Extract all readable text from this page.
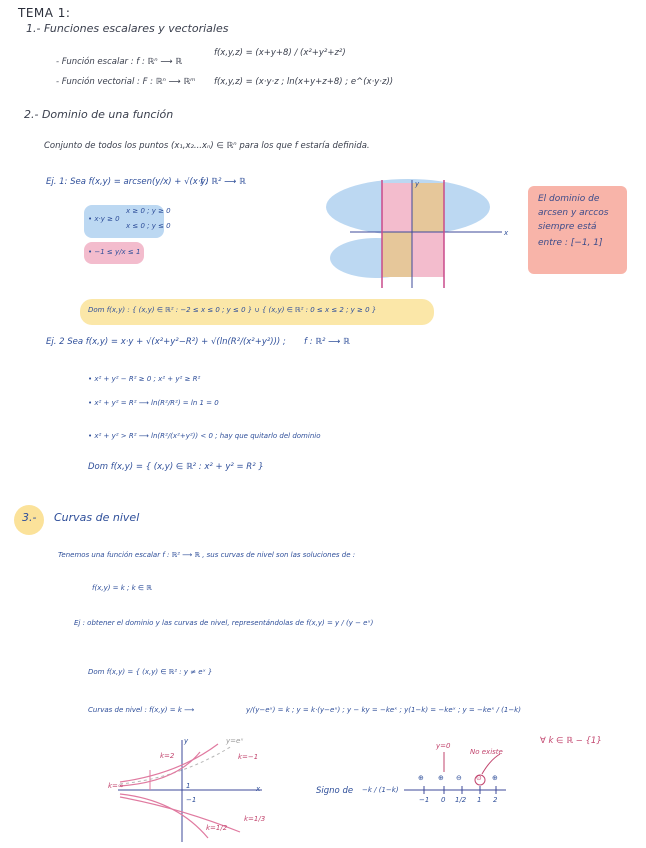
TEMA 1:
1.- Funciones escalares y vectoriales
- Función escalar : f : ℝⁿ ⟶ ℝ
f(x,y,z) = (x+y+8) / (x²+y²+z²)
- Función vectorial : F : ℝⁿ ⟶ ℝᵐ f(x,y,z) = (x·y·z ; ln(x+y+z+8) ; e^(x·y·z))
2.- Dominio de una función
Conjunto de todos los puntos (x₁,x₂...xₙ) ∈ ℝⁿ para los que f estaría definida.
Ej. 1: Sea f(x,y) = arcsen(y/x) + √(x·y)
f : ℝ² ⟶ ℝ
• x·y ≥ 0
x ≥ 0 ; y ≥ 0
x ≤ 0 ; y ≤ 0
• −1 ≤ y/x ≤ 1
y
x
El dominio de
arcsen y arccos
siempre está
entre : [−1, 1]
Dom f(x,y) : { (x,y) ∈ ℝ² : −2 ≤ x ≤ 0 ; y ≤ 0 } ∪ { (x,y) ∈ ℝ² : 0 ≤ x ≤ 2 ; y ≥ 0 }
Ej. 2 Sea f(x,y) = x·y + √(x²+y²−R²) + √(ln(R²/(x²+y²))) ; f : ℝ² ⟶ ℝ
• x² + y² − R² ≥ 0 ; x² + y² ≥ R²
• x² + y² = R² ⟶ ln(R²/R²) = ln 1 = 0
• x² + y² > R² ⟶ ln(R²/(x²+y²)) < 0 ; hay que quitarlo del dominio
Dom f(x,y) = { (x,y) ∈ ℝ² : x² + y² = R² }
3.- Curvas de nivel
Tenemos una función escalar f : ℝ² ⟶ ℝ , sus curvas de nivel son las soluciones de :
f(x,y) = k ; k ∈ ℝ
Ej : obtener el dominio y las curvas de nivel, representándolas de f(x,y) = y / (y − eˣ)
Dom f(x,y) = { (x,y) ∈ ℝ² : y ≠ eˣ }
Curvas de nivel : f(x,y) = k ⟶	y/(y−eˣ) = k ; y = k·(y−eˣ) ; y − ky = −keˣ ; y(1−k) = −keˣ ; y = −keˣ / (1−k)
k=2	k=−1
k=∞
y=eˣ
y
x
1
−1
k=1/3
k=1/2
Signo de −k / (1−k)
y=0
No existe
∀ k ∈ ℝ − {1}
−1 0 1/2 1 2
⊕ ⊕ ⊖ ⊙ ⊕
